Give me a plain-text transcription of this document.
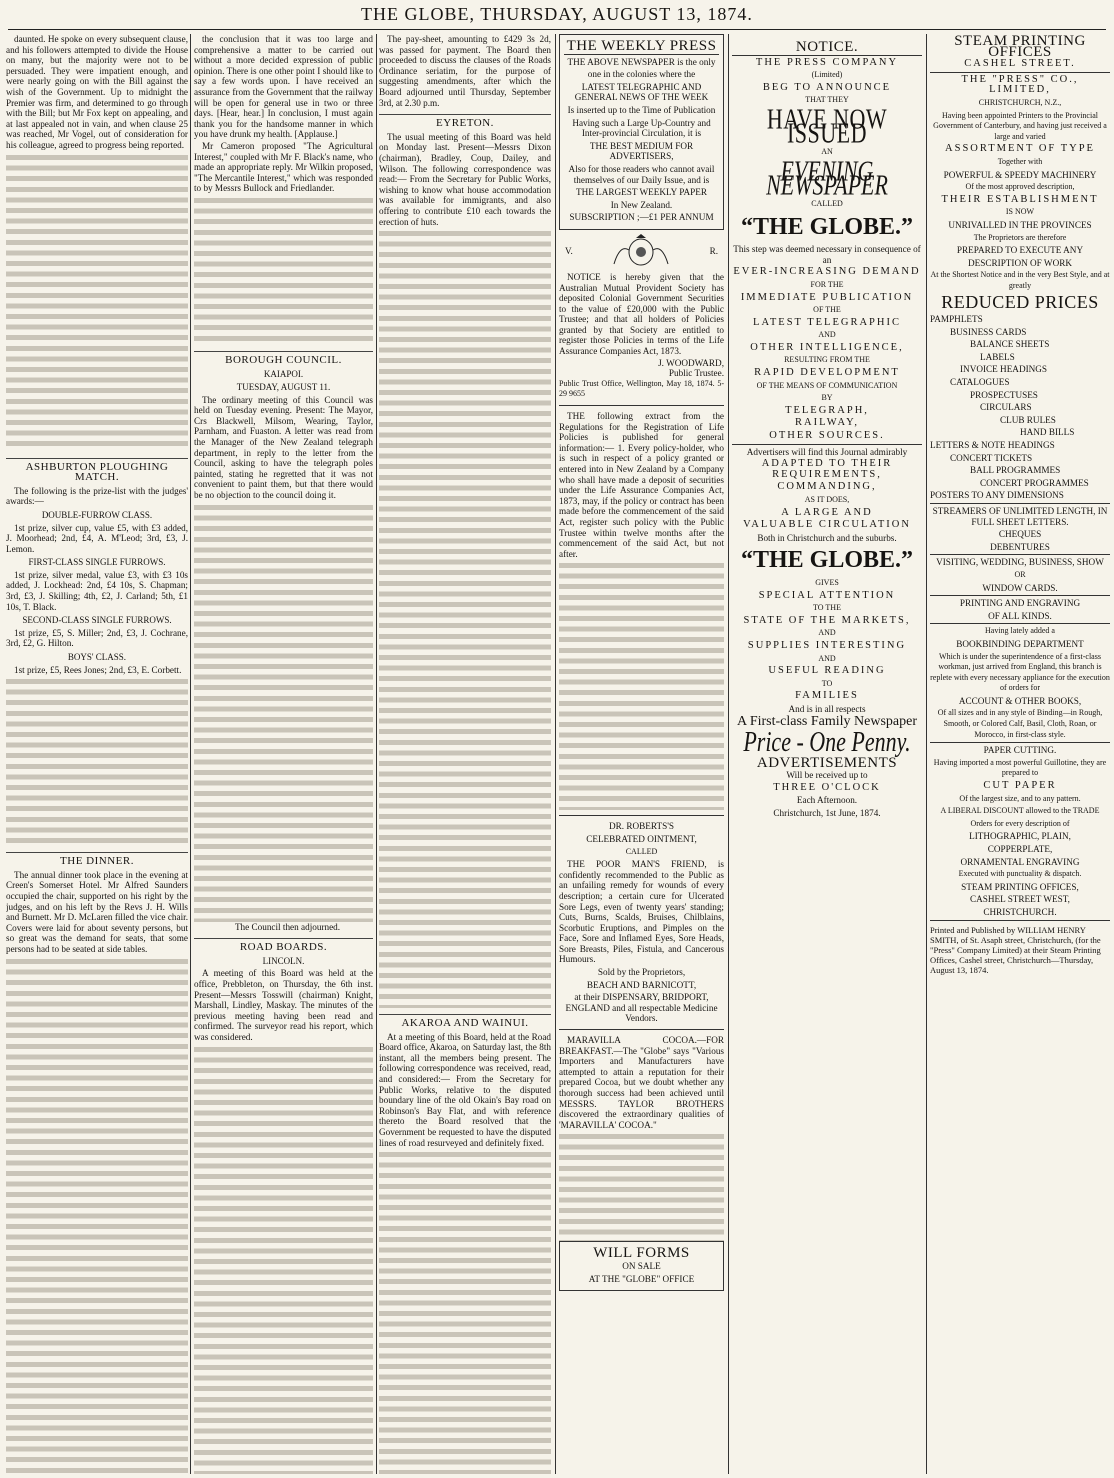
THE GLOBE, THURSDAY, AUGUST 13, 1874.

daunted. He spoke on every subsequent clause, and his followers attempted to divide the House on many, but the majority were not to be persuaded. They were impatient enough, and were nearly going on with the Bill against the wish of the Government. Up to midnight the Premier was firm, and determined to go through with the Bill; but Mr Fox kept on appealing, and at last appealed not in vain, and when clause 25 was reached, Mr Vogel, out of consideration for his colleague, agreed to progress being reported.

ASHBURTON PLOUGHING MATCH.

The following is the prize-list with the judges' awards:—

DOUBLE-FURROW CLASS.

1st prize, silver cup, value £5, with £3 added, J. Moorhead; 2nd, £4, A. M'Leod; 3rd, £3, J. Lemon.

FIRST-CLASS SINGLE FURROWS.

1st prize, silver medal, value £3, with £3 10s added, J. Lockhead: 2nd, £4 10s, S. Chapman; 3rd, £3, J. Skilling; 4th, £2, J. Carland; 5th, £1 10s, T. Black.

SECOND-CLASS SINGLE FURROWS.

1st prize, £5, S. Miller; 2nd, £3, J. Cochrane, 3rd, £2, G. Hilton.

BOYS' CLASS.

1st prize, £5, Rees Jones; 2nd, £3, E. Corbett.

THE DINNER.

The annual dinner took place in the evening at Creen's Somerset Hotel. Mr Alfred Saunders occupied the chair, supported on his right by the judges, and on his left by the Revs J. H. Wills and Burnett. Mr D. McLaren filled the vice chair. Covers were laid for about seventy persons, but so great was the demand for seats, that some persons had to be seated at side tables.

the conclusion that it was too large and comprehensive a matter to be carried out without a more decided expression of public opinion. There is one other point I should like to say a few words upon. I have received an assurance from the Government that the railway will be open for general use in two or three days. [Hear, hear.] In conclusion, I must again thank you for the handsome manner in which you have drunk my health. [Applause.]

Mr Cameron proposed "The Agricultural Interest," coupled with Mr F. Black's name, who made an appropriate reply. Mr Wilkin proposed, "The Mercantile Interest," which was responded to by Messrs Bullock and Friedlander.

BOROUGH COUNCIL.
KAIAPOI.
TUESDAY, AUGUST 11.

The ordinary meeting of this Council was held on Tuesday evening. Present: The Mayor, Crs Blackwell, Milsom, Wearing, Taylor, Parnham, and Fuaston. A letter was read from the Manager of the New Zealand telegraph department, in reply to the letter from the Council, asking to have the telegraph poles painted, stating he regretted that it was not convenient to paint them, but that there would be no objection to the council doing it.

The Council then adjourned.

ROAD BOARDS.
LINCOLN.

A meeting of this Board was held at the office, Prebbleton, on Thursday, the 6th inst. Present—Messrs Tosswill (chairman) Knight, Marshall, Lindley, Maskay. The minutes of the previous meeting having been read and confirmed. The surveyor read his report, which was considered.

The pay-sheet, amounting to £429 3s 2d, was passed for payment. The Board then proceeded to discuss the clauses of the Roads Ordinance seriatim, for the purpose of suggesting amendments, after which the Board adjourned until Thursday, September 3rd, at 2.30 p.m.

EYRETON.

The usual meeting of this Board was held on Monday last. Present—Messrs Dixon (chairman), Bradley, Coup, Dailey, and Wilson. The following correspondence was read:— From the Secretary for Public Works, wishing to know what house accommodation was available for immigrants, and also offering to contribute £10 each towards the erection of huts.

AKAROA AND WAINUI.

At a meeting of this Board, held at the Road Board office, Akaroa, on Saturday last, the 8th instant, all the members being present. The following correspondence was received, read, and considered:— From the Secretary for Public Works, relative to the disputed boundary line of the old Okain's Bay road on Robinson's Bay Flat, and with reference thereto the Board resolved that the Government be requested to have the disputed lines of road resurveyed and definitely fixed.

THE WEEKLY PRESS
THE ABOVE NEWSPAPER is the only
one in the colonies where the
LATEST TELEGRAPHIC AND GENERAL NEWS OF THE WEEK
Is inserted up to the Time of Publication
Having such a Large Up-Country and Inter-provincial Circulation, it is
THE BEST MEDIUM FOR ADVERTISERS,
Also for those readers who cannot avail themselves of our Daily Issue, and is
THE LARGEST WEEKLY PAPER
In New Zealand.
SUBSCRIPTION ;—£1 PER ANNUM
V.	R.

NOTICE is hereby given that the Australian Mutual Provident Society has deposited Colonial Government Securities to the value of £20,000 with the Public Trustee; and that all holders of Policies granted by that Society are entitled to register those Policies in terms of the Life Assurance Companies Act, 1873.

J. WOODWARD,
Public Trustee.
Public Trust Office, Wellington, May 18, 1874. 5-29 9655

THE following extract from the Regulations for the Registration of Life Policies is published for general information:— 1. Every policy-holder, who is such in respect of a policy granted or entered into in New Zealand by a Company who shall have made a deposit of securities under the Life Assurance Companies Act, 1873, may, if the policy or contract has been made before the commencement of the said Act, register such policy with the Public Trustee within twelve months after the commencement of the said Act, but not after.

DR. ROBERTS'S
CELEBRATED OINTMENT,
CALLED

THE POOR MAN'S FRIEND, is confidently recommended to the Public as an unfailing remedy for wounds of every description; a certain cure for Ulcerated Sore Legs, even of twenty years' standing; Cuts, Burns, Scalds, Bruises, Chilblains, Scorbutic Eruptions, and Pimples on the Face, Sore and Inflamed Eyes, Sore Heads, Sore Breasts, Piles, Fistula, and Cancerous Humours.

Sold by the Proprietors,
BEACH AND BARNICOTT,
at their DISPENSARY, BRIDPORT, ENGLAND and all respectable Medicine Vendors.

MARAVILLA COCOA.—FOR BREAKFAST.—The "Globe" says "Various Importers and Manufacturers have attempted to attain a reputation for their prepared Cocoa, but we doubt whether any thorough success had been achieved until MESSRS. TAYLOR BROTHERS discovered the extraordinary qualities of 'MARAVILLA' COCOA."

WILL FORMS
ON SALE
AT THE "GLOBE" OFFICE
NOTICE.
THE PRESS COMPANY
(Limited)
BEG TO ANNOUNCE
THAT THEY
HAVE NOW ISSUED
AN
EVENING NEWSPAPER
CALLED
“THE GLOBE.”
This step was deemed necessary in consequence of an
EVER-INCREASING DEMAND
FOR THE
IMMEDIATE PUBLICATION
OF THE
LATEST TELEGRAPHIC
AND
OTHER INTELLIGENCE,
RESULTING FROM THE
RAPID DEVELOPMENT
OF THE MEANS OF COMMUNICATION
BY
TELEGRAPH,
RAILWAY,
OTHER SOURCES.
Advertisers will find this Journal admirably
ADAPTED TO THEIR REQUIREMENTS,
COMMANDING,
AS IT DOES,
A LARGE AND
VALUABLE CIRCULATION
Both in Christchurch and the suburbs.
“THE GLOBE.”
GIVES
SPECIAL ATTENTION
TO THE
STATE OF THE MARKETS,
AND
SUPPLIES INTERESTING
AND
USEFUL READING
TO
FAMILIES
And is in all respects
A First-class Family Newspaper
Price - One Penny.
ADVERTISEMENTS
Will be received up to
THREE O'CLOCK
Each Afternoon.
Christchurch, 1st June, 1874.
STEAM PRINTING OFFICES
CASHEL STREET.
THE "PRESS" CO., LIMITED,
CHRISTCHURCH, N.Z.,
Having been appointed Printers to the Provincial Government of Canterbury, and having just received a large and varied
ASSORTMENT OF TYPE
Together with
POWERFUL & SPEEDY MACHINERY
Of the most approved description,
THEIR ESTABLISHMENT
IS NOW
UNRIVALLED IN THE PROVINCES
The Proprietors are therefore
PREPARED TO EXECUTE ANY
DESCRIPTION OF WORK
At the Shortest Notice and in the very Best Style, and at greatly
REDUCED PRICES
PAMPHLETS
BUSINESS CARDS
BALANCE SHEETS
LABELS
INVOICE HEADINGS
CATALOGUES
PROSPECTUSES
CIRCULARS
CLUB RULES
HAND BILLS
LETTERS & NOTE HEADINGS
CONCERT TICKETS
BALL PROGRAMMES
CONCERT PROGRAMMES
POSTERS TO ANY DIMENSIONS
STREAMERS OF UNLIMITED LENGTH, IN FULL SHEET LETTERS.
CHEQUES
DEBENTURES
VISITING, WEDDING, BUSINESS, SHOW
OR
WINDOW CARDS.
PRINTING AND ENGRAVING
OF ALL KINDS.
Having lately added a
BOOKBINDING DEPARTMENT
Which is under the superintendence of a first-class workman, just arrived from England, this branch is replete with every necessary appliance for the execution of orders for
ACCOUNT & OTHER BOOKS,
Of all sizes and in any style of Binding—in Rough, Smooth, or Colored Calf, Basil, Cloth, Roan, or Morocco, in first-class style.
PAPER CUTTING.
Having imported a most powerful Guillotine, they are prepared to
CUT PAPER
Of the largest size, and to any pattern.
A LIBERAL DISCOUNT allowed to the TRADE
Orders for every description of
LITHOGRAPHIC, PLAIN,
COPPERPLATE,
ORNAMENTAL ENGRAVING
Executed with punctuality & dispatch.
STEAM PRINTING OFFICES,
CASHEL STREET WEST,
CHRISTCHURCH.
Printed and Published by WILLIAM HENRY SMITH, of St. Asaph street, Christchurch, (for the "Press" Company Limited) at their Steam Printing Offices, Cashel street, Christchurch—Thursday, August 13, 1874.
